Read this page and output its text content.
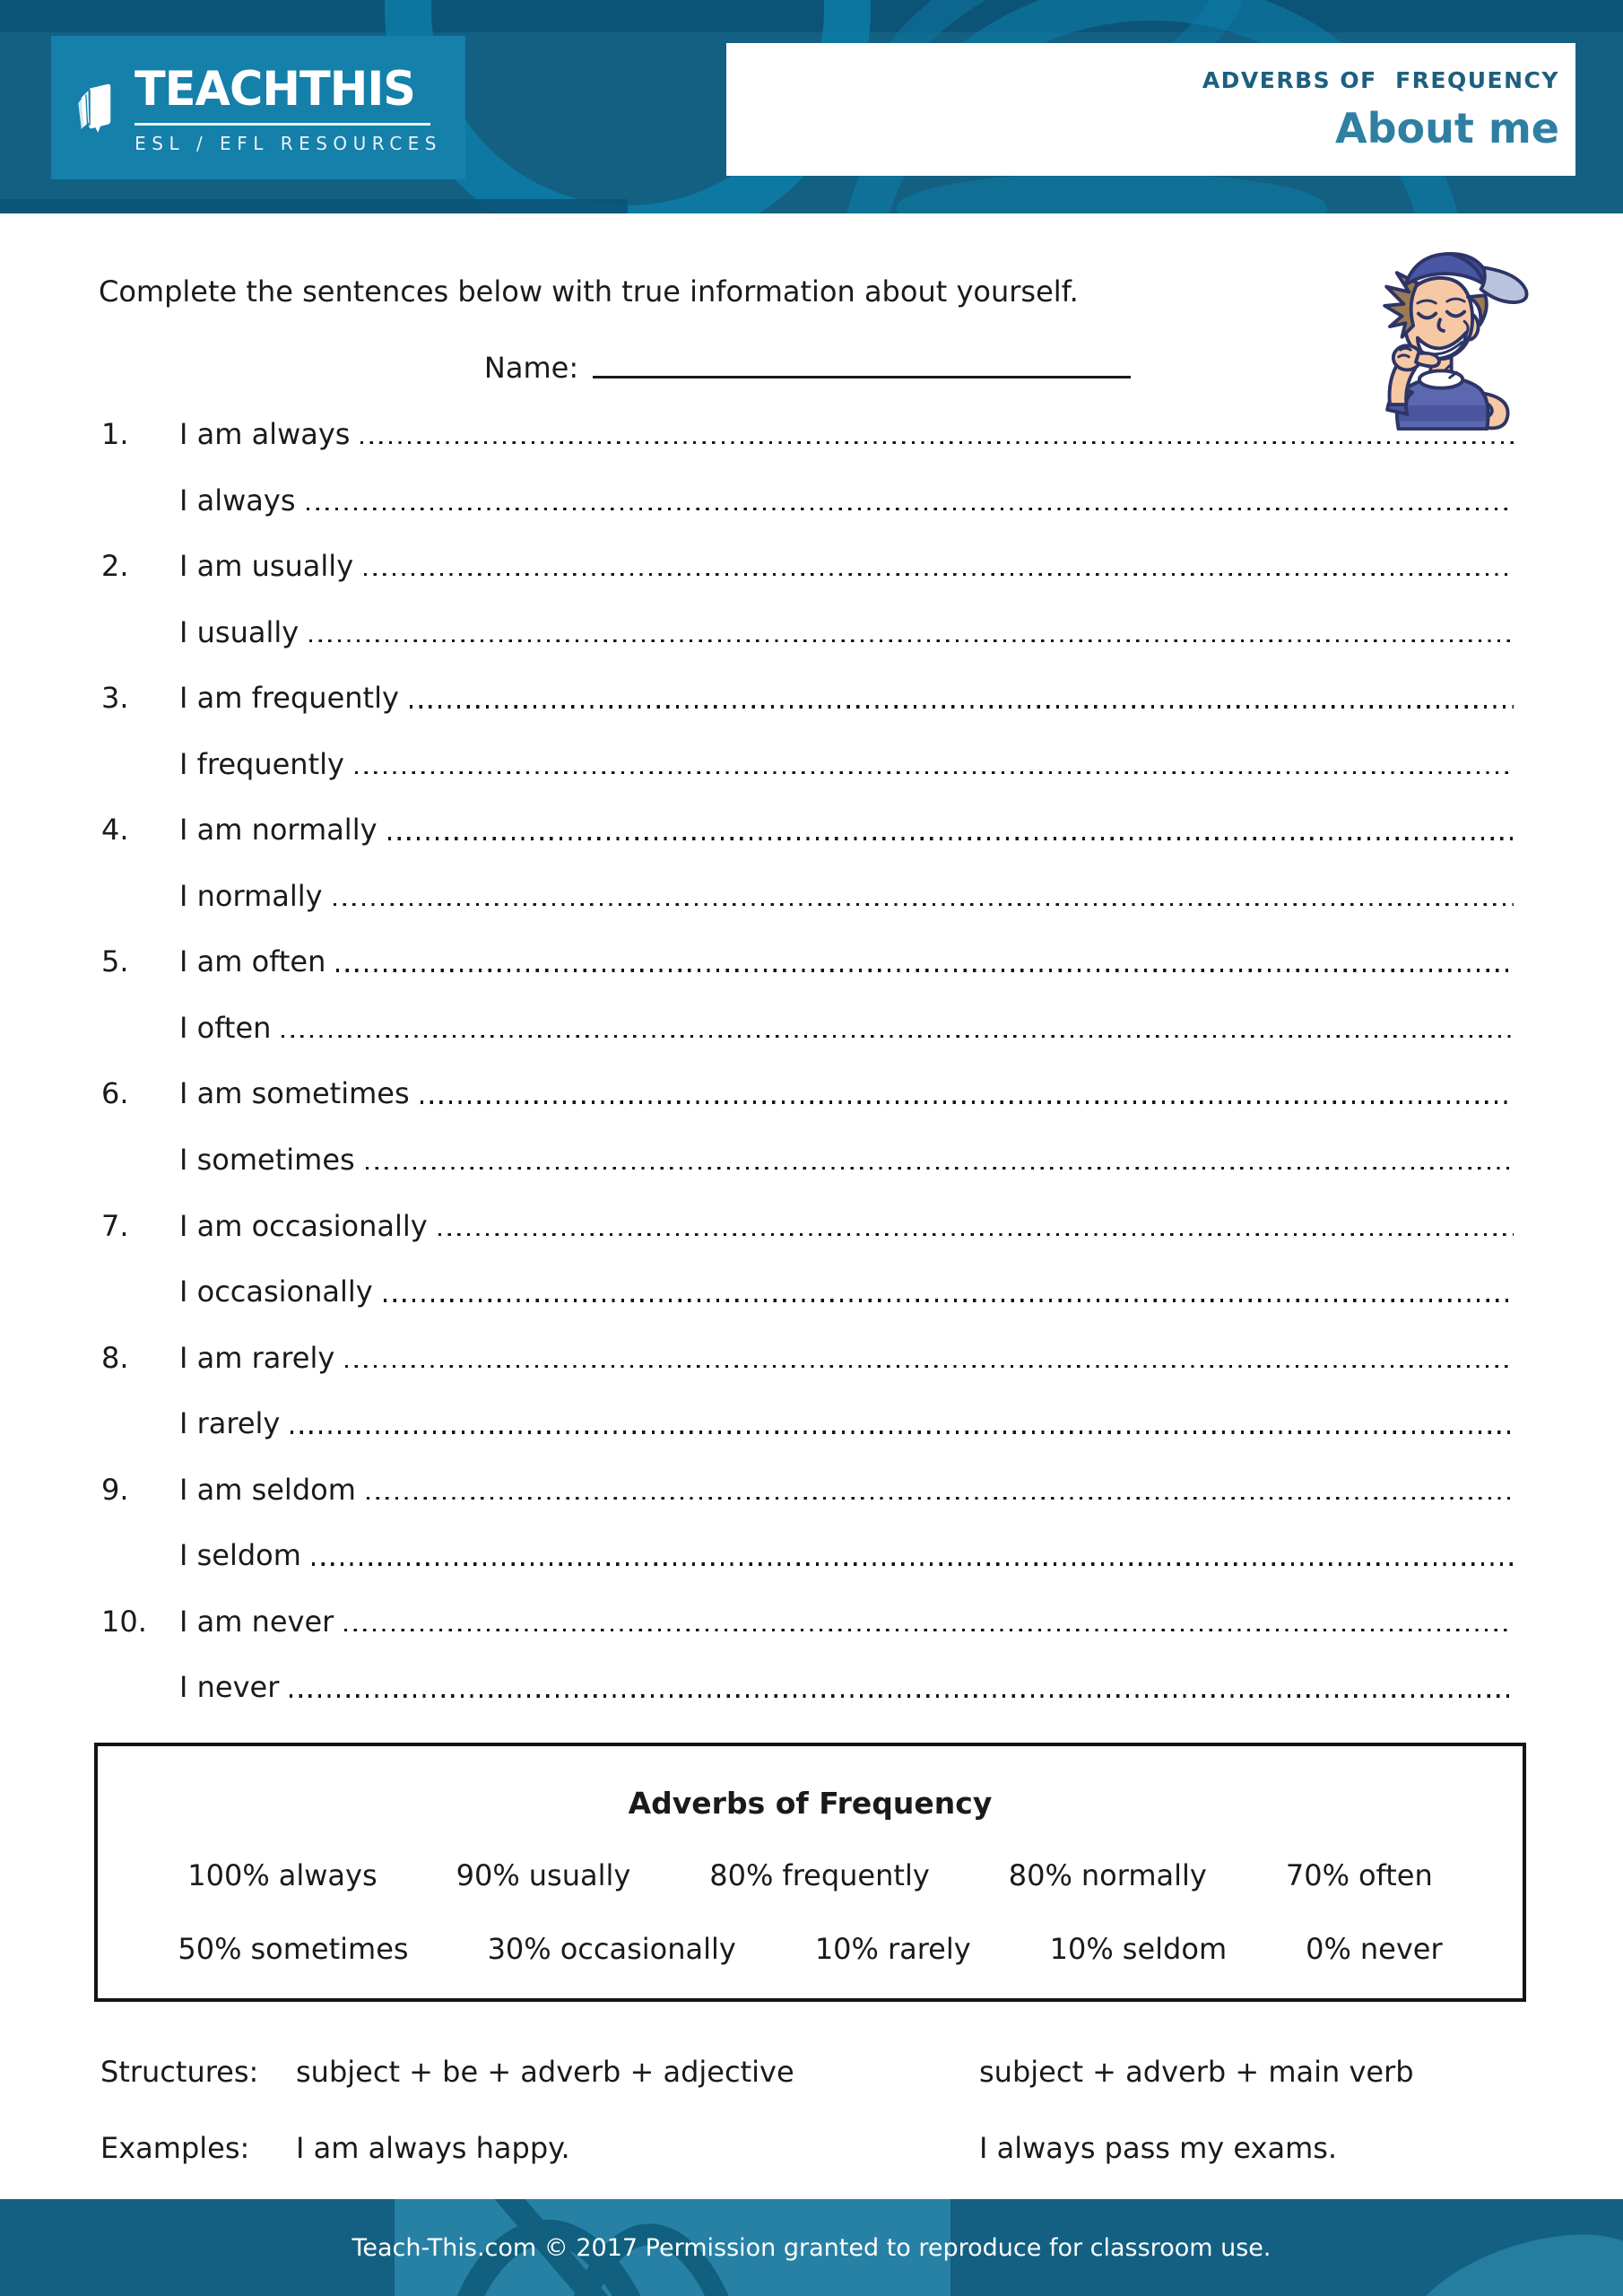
TEACHTHIS
ESL / EFL RESOURCES
ADVERBS OF  FREQUENCY
About me
Complete the sentences below with true information about yourself.
Name:
1.	I am always
I always
2.	I am usually
I usually
3.	I am frequently
I frequently
4.	I am normally
I normally
5.	I am often
I often
6.	I am sometimes
I sometimes
7.	I am occasionally
I occasionally
8.	I am rarely
I rarely
9.	I am seldom
I seldom
10.	I am never
I never
Adverbs of Frequency
100% always	90% usually	80% frequently	80% normally	70% often
50% sometimes	30% occasionally	10% rarely	10% seldom	0% never
Structures:	subject + be + adverb + adjective	subject + adverb + main verb
Examples:	I am always happy.	I always pass my exams.
Teach-This.com © 2017 Permission granted to reproduce for classroom use.
